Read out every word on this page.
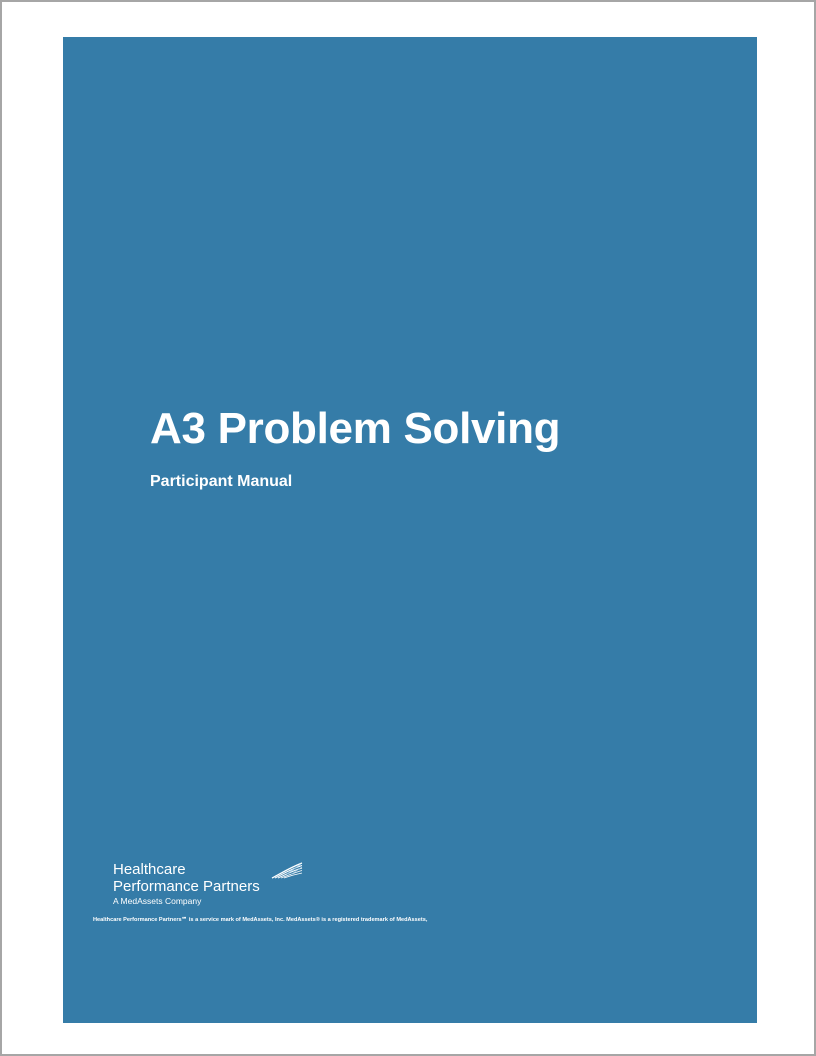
A3 Problem Solving

Participant Manual

Healthcare

Performance Partners

A MedAssets Company

Healthcare Performance Partners℠ is a service mark of MedAssets, Inc. MedAssets® is a registered trademark of MedAssets,
